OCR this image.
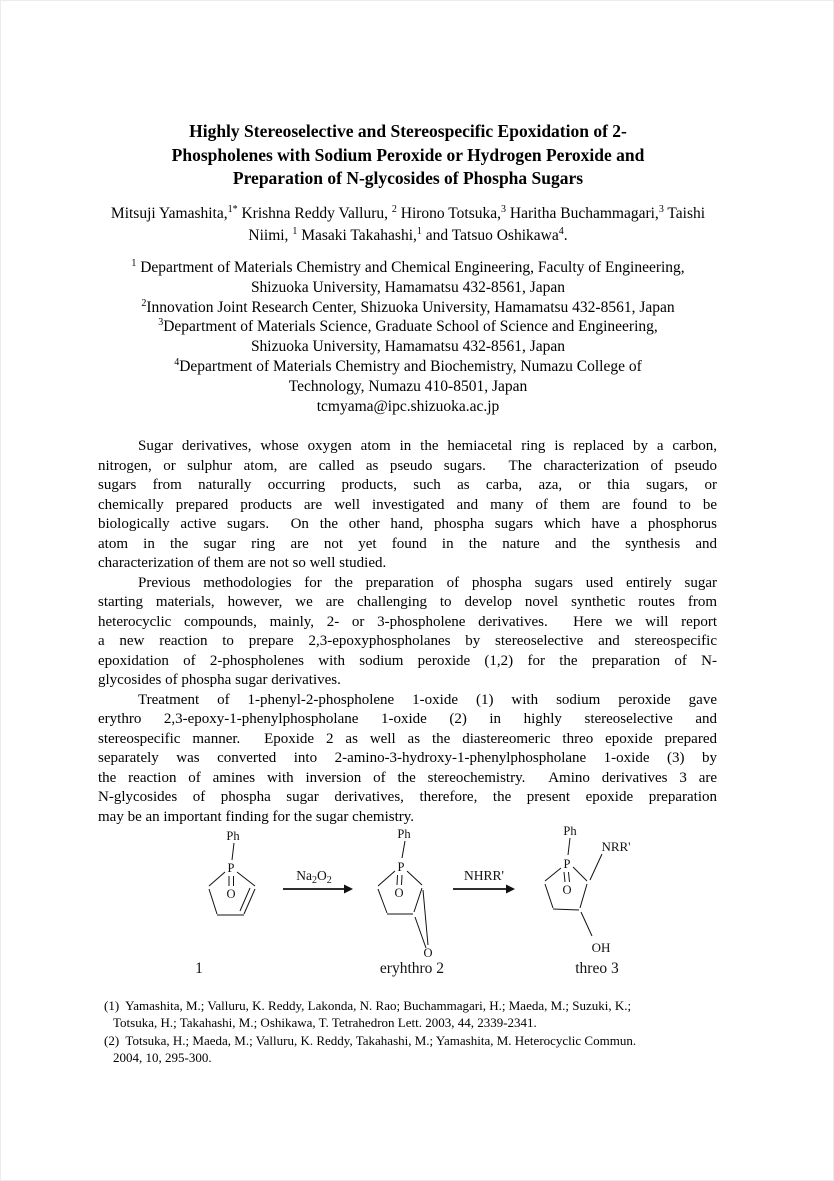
Highly Stereoselective and Stereospecific Epoxidation of 2-
Phospholenes with Sodium Peroxide or Hydrogen Peroxide and
Preparation of N-glycosides of Phospha Sugars
Mitsuji Yamashita,$^{1*}$ Krishna Reddy Valluru, $^2$ Hirono Totsuka,$^3$ Haritha Buchammagari,$^3$ Taishi Niimi, $^1$ Masaki Takahashi,$^1$ and Tatsuo Oshikawa$^4$.
$^1$ Department of Materials Chemistry and Chemical Engineering, Faculty of Engineering,
Shizuoka University, Hamamatsu 432-8561, Japan
$^2$Innovation Joint Research Center, Shizuoka University, Hamamatsu 432-8561, Japan
$^3$Department of Materials Science, Graduate School of Science and Engineering,
Shizuoka University, Hamamatsu 432-8561, Japan
$^4$Department of Materials Chemistry and Biochemistry, Numazu College of
Technology, Numazu 410-8501, Japan
tcmyama@ipc.shizuoka.ac.jp
Sugar derivatives, whose oxygen atom in the hemiacetal ring is replaced by a carbon,
nitrogen, or sulphur atom, are called as pseudo sugars.  The characterization of pseudo
sugars from naturally occurring products, such as carba, aza, or thia sugars, or
chemically prepared products are well investigated and many of them are found to be
biologically active sugars.  On the other hand, phospha sugars which have a phosphorus
atom in the sugar ring are not yet found in the nature and the synthesis and
characterization of them are not so well studied.
Previous methodologies for the preparation of phospha sugars used entirely sugar
starting materials, however, we are challenging to develop novel synthetic routes from
heterocyclic compounds, mainly, 2- or 3-phospholene derivatives.  Here we will report
a new reaction to prepare 2,3-epoxyphospholanes by stereoselective and stereospecific
epoxidation of 2-phospholenes with sodium peroxide (1,2) for the preparation of N-
glycosides of phospha sugar derivatives.
Treatment of 1-phenyl-2-phospholene 1-oxide (1) with sodium peroxide gave
erythro 2,3-epoxy-1-phenylphospholane 1-oxide (2) in highly stereoselective and
stereospecific manner.  Epoxide 2 as well as the diastereomeric threo epoxide prepared
separately was converted into 2-amino-3-hydroxy-1-phenylphospholane 1-oxide (3) by
the reaction of amines with inversion of the stereochemistry.  Amino derivatives 3 are
N-glycosides of phospha sugar derivatives, therefore, the present epoxide preparation
may be an important finding for the sugar chemistry.
Ph
P
O
1
$Na_2O_2$
Ph
P
O
O
eryhthro 2
NHRR'
Ph
P
O
NRR'
OH
threo 3
(1)  Yamashita, M.; Valluru, K. Reddy, Lakonda, N. Rao; Buchammagari, H.; Maeda, M.; Suzuki, K.;
Totsuka, H.; Takahashi, M.; Oshikawa, T. Tetrahedron Lett. 2003, 44, 2339-2341.
(2)  Totsuka, H.; Maeda, M.; Valluru, K. Reddy, Takahashi, M.; Yamashita, M. Heterocyclic Commun.
2004, 10, 295-300.
